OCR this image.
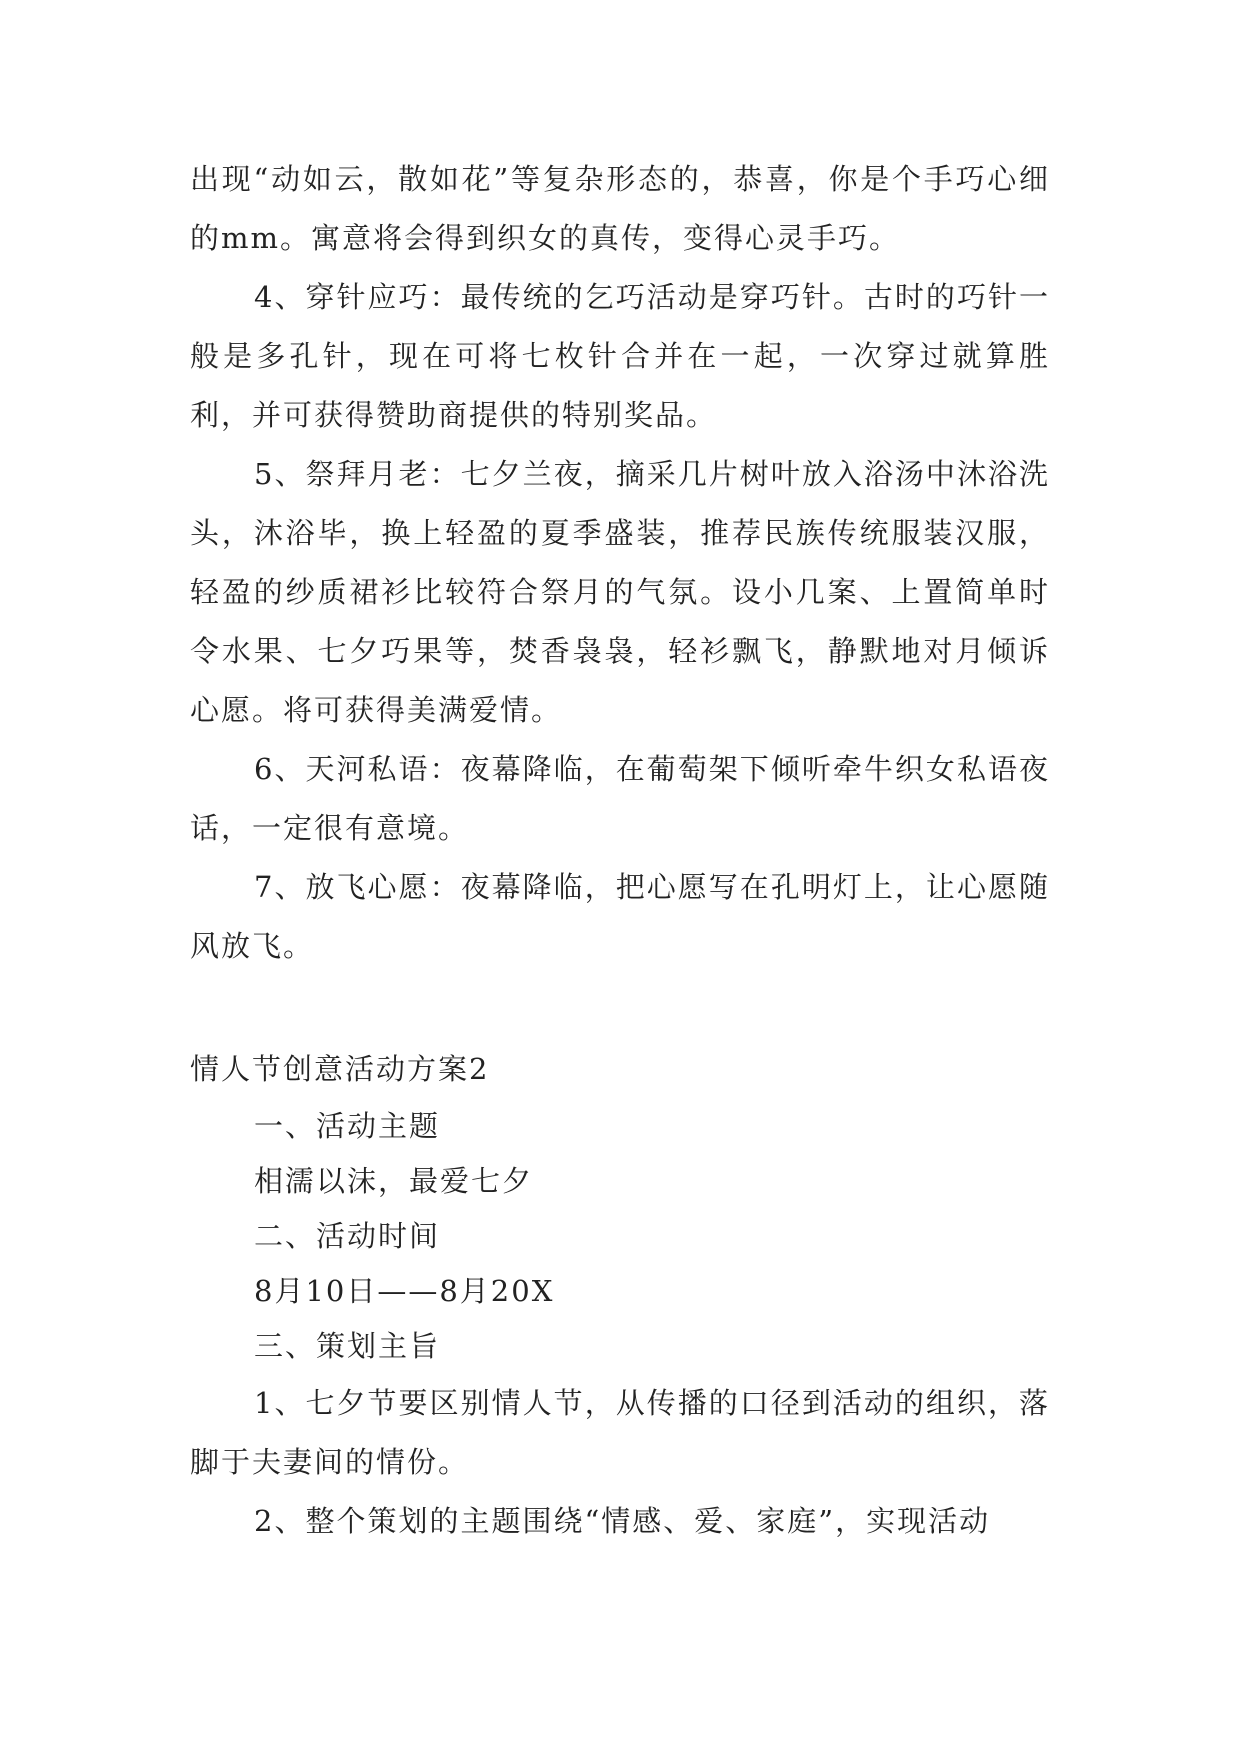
出现“动如云，散如花”等复杂形态的，恭喜，你是个手巧心细的mm。寓意将会得到织女的真传，变得心灵手巧。

4、穿针应巧：最传统的乞巧活动是穿巧针。古时的巧针一般是多孔针，现在可将七枚针合并在一起，一次穿过就算胜利，并可获得赞助商提供的特别奖品。

5、祭拜月老：七夕兰夜，摘采几片树叶放入浴汤中沐浴洗头，沐浴毕，换上轻盈的夏季盛装，推荐民族传统服装汉服，轻盈的纱质裙衫比较符合祭月的气氛。设小几案、上置简单时令水果、七夕巧果等，焚香袅袅，轻衫飘飞，静默地对月倾诉心愿。将可获得美满爱情。

6、天河私语：夜幕降临，在葡萄架下倾听牵牛织女私语夜话，一定很有意境。

7、放飞心愿：夜幕降临，把心愿写在孔明灯上，让心愿随风放飞。

情人节创意活动方案2

一、活动主题

相濡以沫，最爱七夕

二、活动时间

8月10日——8月20X

三、策划主旨

1、七夕节要区别情人节，从传播的口径到活动的组织，落脚于夫妻间的情份。

2、整个策划的主题围绕“情感、爱、家庭”，实现活动
